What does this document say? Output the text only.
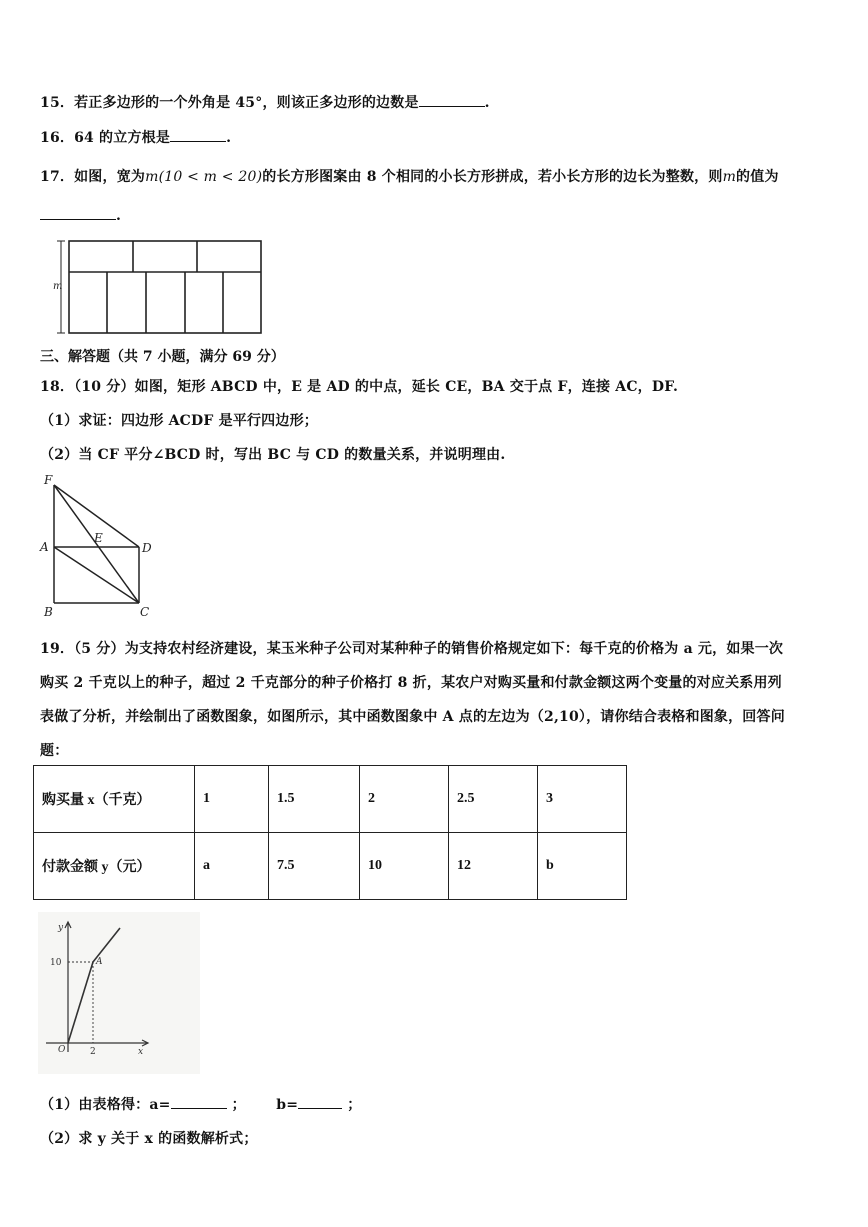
15．若正多边形的一个外角是 45°，则该正多边形的边数是	.
16．64 的立方根是	.
17．如图，宽为m(10 < m < 20)的长方形图案由 8 个相同的小长方形拼成，若小长方形的边长为整数，则m的值为
.
m
三、解答题（共 7 小题，满分 69 分）
18．（10 分）如图，矩形 ABCD 中，E 是 AD 的中点，延长 CE，BA 交于点 F，连接 AC，DF.
（1）求证：四边形 ACDF 是平行四边形；
（2）当 CF 平分∠BCD 时，写出 BC 与 CD 的数量关系，并说明理由.
F
A
E
D
B	C
19．（5 分）为支持农村经济建设，某玉米种子公司对某种种子的销售价格规定如下：每千克的价格为 a 元，如果一次
购买 2 千克以上的种子，超过 2 千克部分的种子价格打 8 折，某农户对购买量和付款金额这两个变量的对应关系用列
表做了分析，并绘制出了函数图象，如图所示，其中函数图象中 A 点的左边为（2,10），请你结合表格和图象，回答问
题：
购买量 x（千克）	1	1.5	2	2.5	3
付款金额 y（元）	a	7.5	10	12	b
y
10	A
O	2	x
（1）由表格得：a=	； b=	；
（2）求 y 关于 x 的函数解析式；
